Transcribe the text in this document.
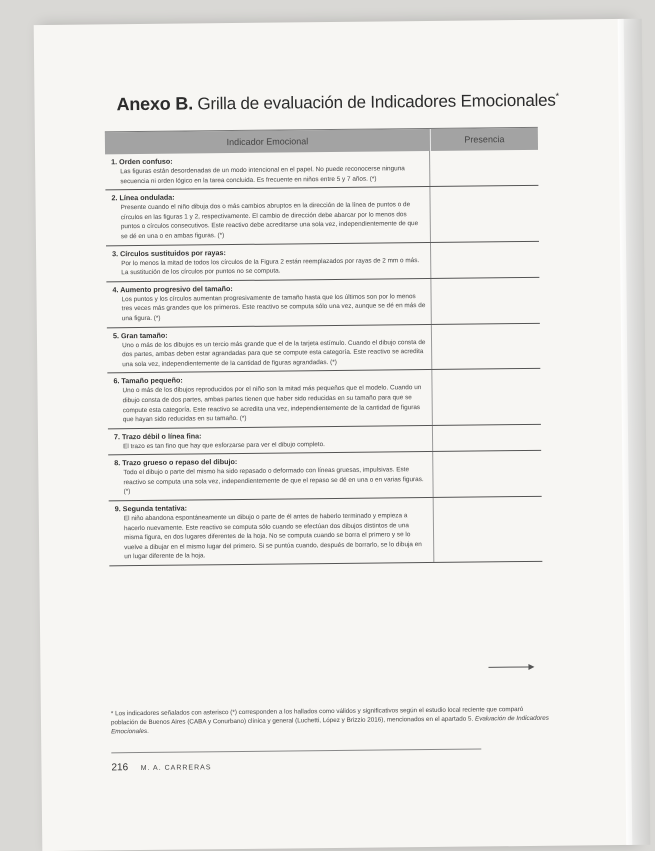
Anexo B. Grilla de evaluación de Indicadores Emocionales*
Indicador Emocional	Presencia
1. Orden confuso:
Las figuras están desordenadas de un modo intencional en el papel. No puede reconocerse ninguna secuencia ni orden lógico en la tarea concluida. Es frecuente en niños entre 5 y 7 años. (*)
2. Línea ondulada:
Presente cuando el niño dibuja dos o más cambios abruptos en la dirección de la línea de puntos o de círculos en las figuras 1 y 2, respectivamente. El cambio de dirección debe abarcar por lo menos dos puntos o círculos consecutivos. Este reactivo debe acreditarse una sola vez, independientemente de que se dé en una o en ambas figuras. (*)
3. Círculos sustituidos por rayas:
Por lo menos la mitad de todos los círculos de la Figura 2 están reemplazados por rayas de 2 mm o más. La sustitución de los círculos por puntos no se computa.
4. Aumento progresivo del tamaño:
Los puntos y los círculos aumentan progresivamente de tamaño hasta que los últimos son por lo menos tres veces más grandes que los primeros. Este reactivo se computa sólo una vez, aunque se dé en más de una figura. (*)
5. Gran tamaño:
Uno o más de los dibujos es un tercio más grande que el de la tarjeta estímulo. Cuando el dibujo consta de dos partes, ambas deben estar agrandadas para que se compute esta categoría. Este reactivo se acredita una sola vez, independientemente de la cantidad de figuras agrandadas. (*)
6. Tamaño pequeño:
Uno o más de los dibujos reproducidos por el niño son la mitad más pequeños que el modelo. Cuando un dibujo consta de dos partes, ambas partes tienen que haber sido reducidas en su tamaño para que se compute esta categoría. Este reactivo se acredita una vez, independientemente de la cantidad de figuras que hayan sido reducidas en su tamaño. (*)
7. Trazo débil o línea fina:
El trazo es tan fino que hay que esforzarse para ver el dibujo completo.
8. Trazo grueso o repaso del dibujo:
Todo el dibujo o parte del mismo ha sido repasado o deformado con líneas gruesas, impulsivas. Este reactivo se computa una sola vez, independientemente de que el repaso se dé en una o en varias figuras. (*)
9. Segunda tentativa:
El niño abandona espontáneamente un dibujo o parte de él antes de haberlo terminado y empieza a hacerlo nuevamente. Este reactivo se computa sólo cuando se efectúan dos dibujos distintos de una misma figura, en dos lugares diferentes de la hoja. No se computa cuando se borra el primero y se lo vuelve a dibujar en el mismo lugar del primero. Si se puntúa cuando, después de borrarlo, se lo dibuja en un lugar diferente de la hoja.
* Los indicadores señalados con asterisco (*) corresponden a los hallados como válidos y significativos según el estudio local reciente que comparó población de Buenos Aires (CABA y Conurbano) clínica y general (Luchetti, López y Brizzio 2016), mencionados en el apartado 5. Evaluación de Indicadores Emocionales.
216 M. A. CARRERAS
